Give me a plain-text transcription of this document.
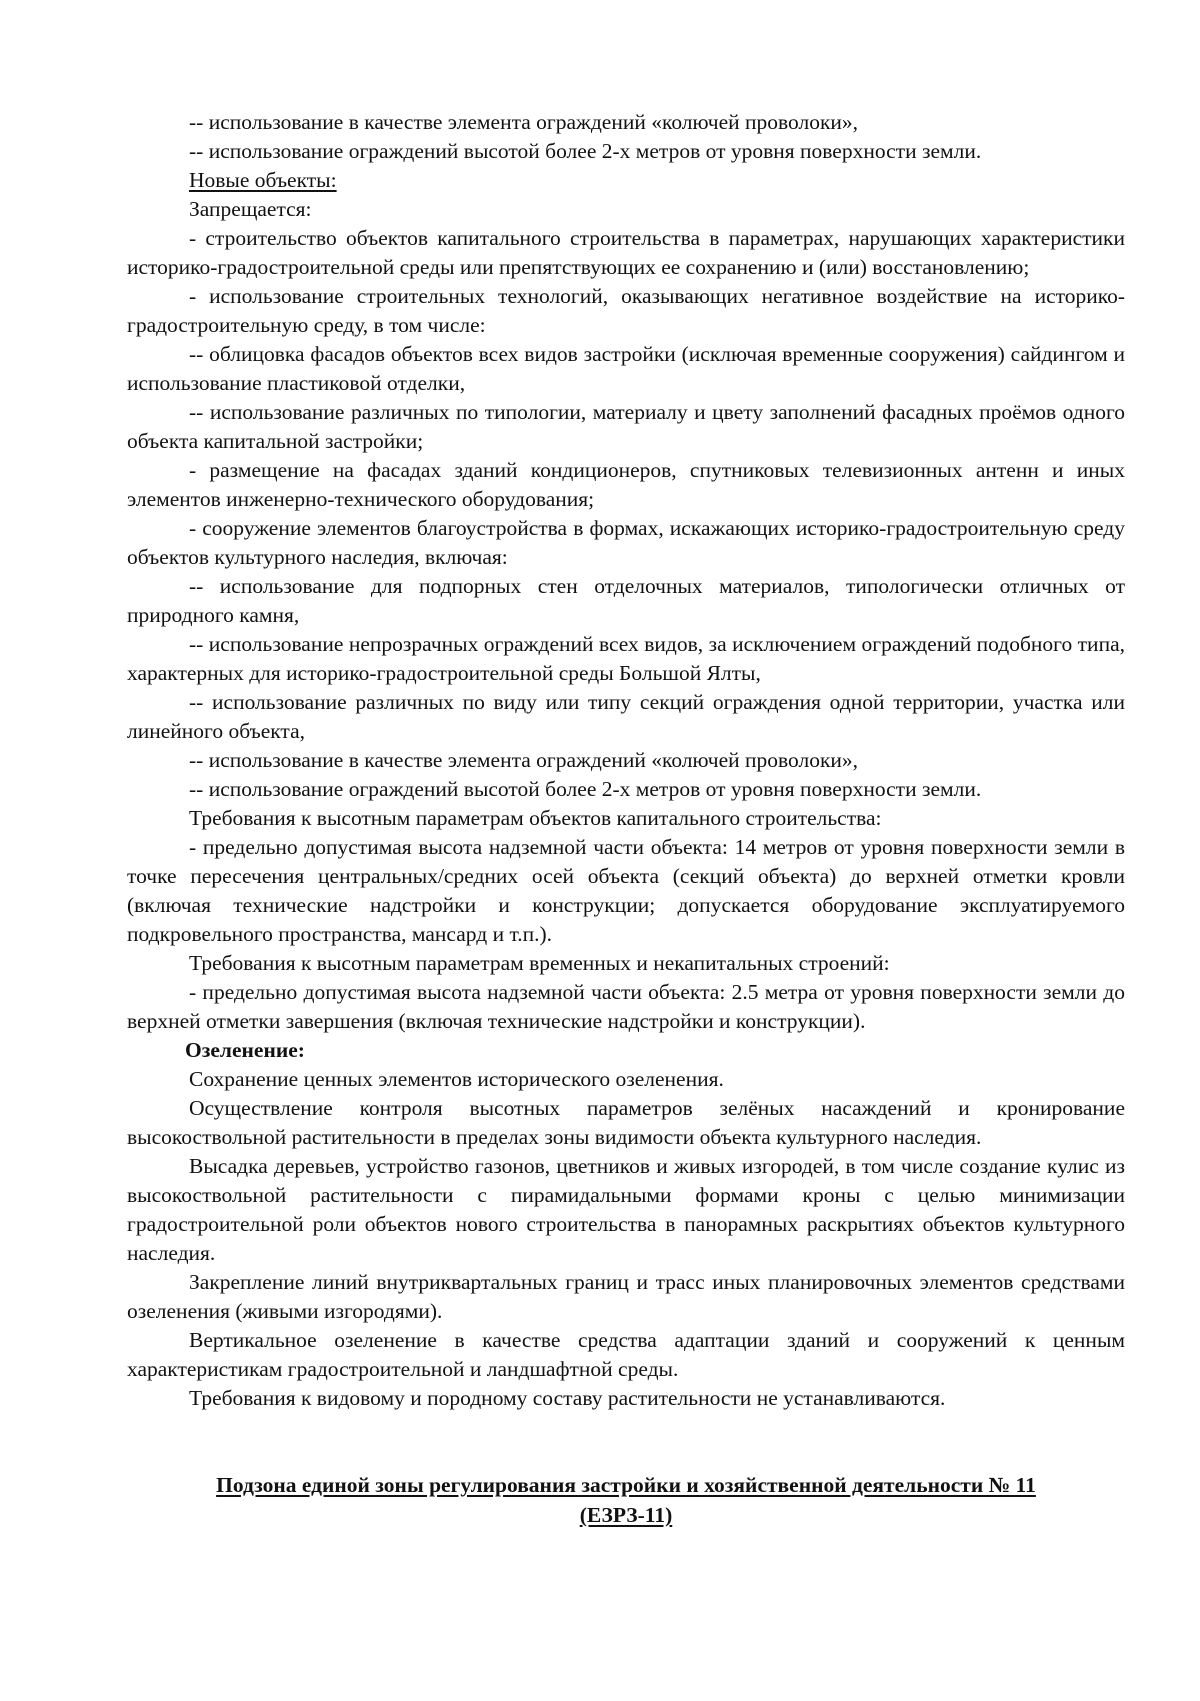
-- использование в качестве элемента ограждений «колючей проволоки»,

-- использование ограждений высотой более 2-х метров от уровня поверхности земли.

Новые объекты:

Запрещается:

- строительство объектов капитального строительства в параметрах, нарушающих характеристики историко-градостроительной среды или препятствующих ее сохранению и (или) восстановлению;

- использование строительных технологий, оказывающих негативное воздействие на историко-градостроительную среду, в том числе:

-- облицовка фасадов объектов всех видов застройки (исключая временные сооружения) сайдингом и использование пластиковой отделки,

-- использование различных по типологии, материалу и цвету заполнений фасадных проёмов одного объекта капитальной застройки;

- размещение на фасадах зданий кондиционеров, спутниковых телевизионных антенн и иных элементов инженерно-технического оборудования;

- сооружение элементов благоустройства в формах, искажающих историко-градостроительную среду объектов культурного наследия, включая:

-- использование для подпорных стен отделочных материалов, типологически отличных от природного камня,

-- использование непрозрачных ограждений всех видов, за исключением ограждений подобного типа, характерных для историко-градостроительной среды Большой Ялты,

-- использование различных по виду или типу секций ограждения одной территории, участка или линейного объекта,

-- использование в качестве элемента ограждений «колючей проволоки»,

-- использование ограждений высотой более 2-х метров от уровня поверхности земли.

Требования к высотным параметрам объектов капитального строительства:

- предельно допустимая высота надземной части объекта: 14 метров от уровня поверхности земли в точке пересечения центральных/средних осей объекта (секций объекта) до верхней отметки кровли (включая технические надстройки и конструкции; допускается оборудование эксплуатируемого подкровельного пространства, мансард и т.п.).

Требования к высотным параметрам временных и некапитальных строений:

- предельно допустимая высота надземной части объекта: 2.5 метра от уровня поверхности земли до верхней отметки завершения (включая технические надстройки и конструкции).

Озеленение:

Сохранение ценных элементов исторического озеленения.

Осуществление контроля высотных параметров зелёных насаждений и кронирование высокоствольной растительности в пределах зоны видимости объекта культурного наследия.

Высадка деревьев, устройство газонов, цветников и живых изгородей, в том числе создание кулис из высокоствольной растительности с пирамидальными формами кроны с целью минимизации градостроительной роли объектов нового строительства в панорамных раскрытиях объектов культурного наследия.

Закрепление линий внутриквартальных границ и трасс иных планировочных элементов средствами озеленения (живыми изгородями).

Вертикальное озеленение в качестве средства адаптации зданий и сооружений к ценным характеристикам градостроительной и ландшафтной среды.

Требования к видовому и породному составу растительности не устанавливаются.

Подзона единой зоны регулирования застройки и хозяйственной деятельности № 11
(ЕЗРЗ-11)
